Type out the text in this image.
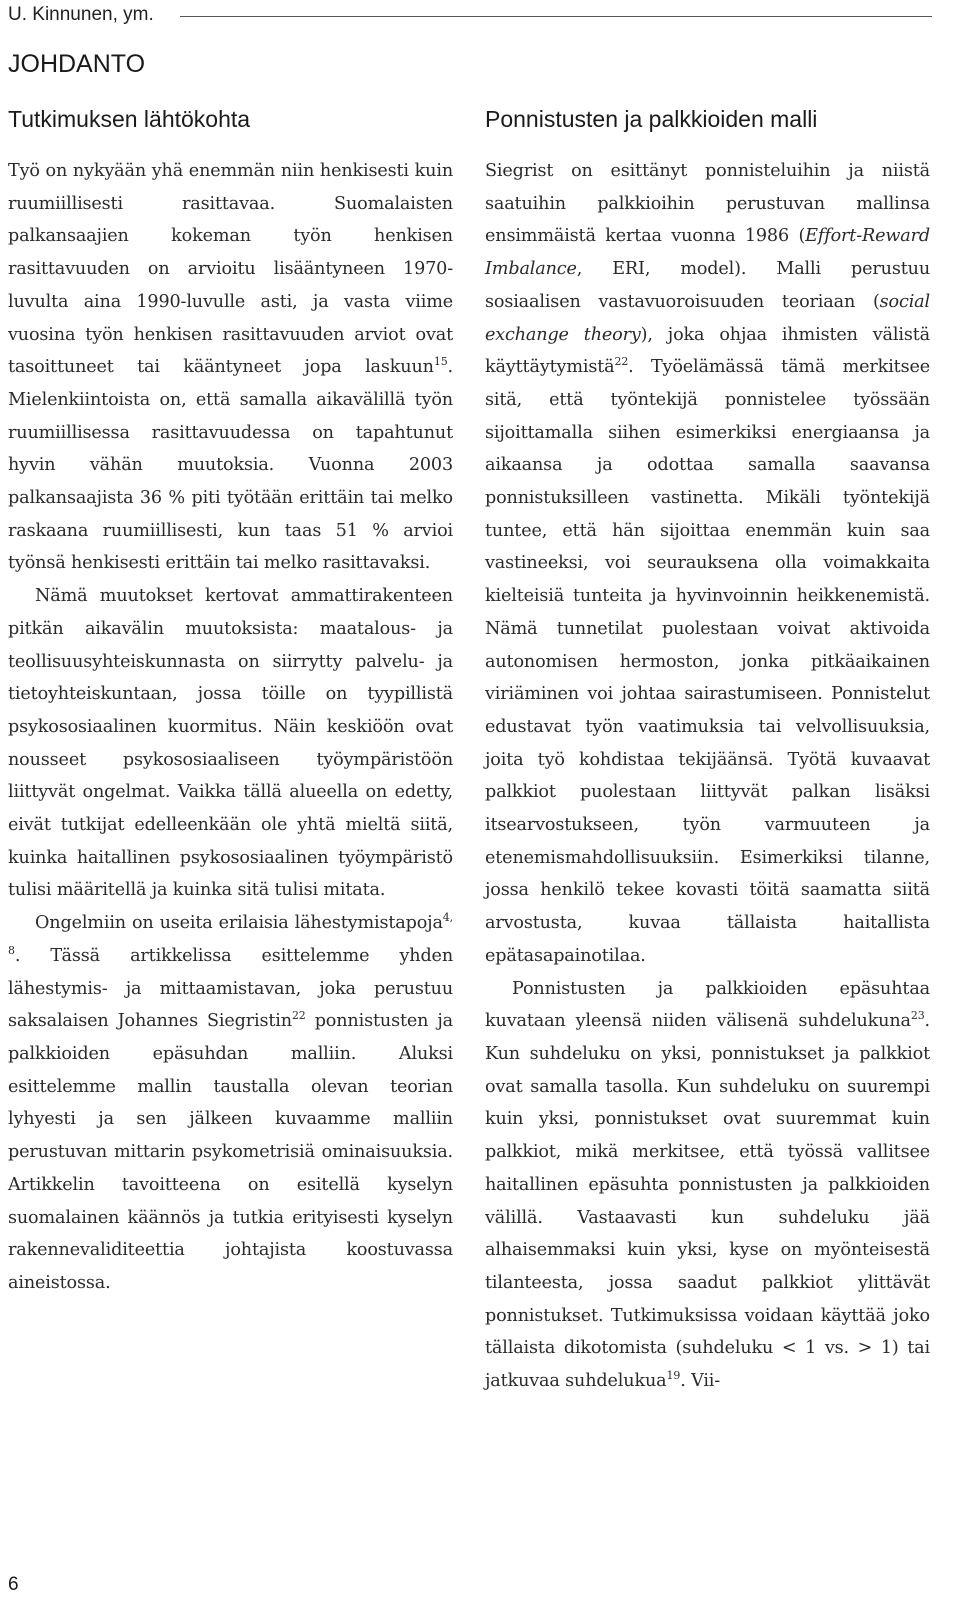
U. Kinnunen, ym.
JOHDANTO
Tutkimuksen lähtökohta

Työ on nykyään yhä enemmän niin henkisesti kuin ruumiillisesti rasittavaa. Suomalaisten palkansaajien kokeman työn henkisen rasittavuuden on arvioitu lisääntyneen 1970-luvulta aina 1990-luvulle asti, ja vasta viime vuosina työn henkisen rasittavuuden arviot ovat tasoittuneet tai kääntyneet jopa laskuun$^{15}$. Mielenkiintoista on, että samalla aikavälillä työn ruumiillisessa rasittavuudessa on tapahtunut hyvin vähän muutoksia. Vuonna 2003 palkansaajista 36 % piti työtään erittäin tai melko raskaana ruumiillisesti, kun taas 51 % arvioi työnsä henkisesti erittäin tai melko rasittavaksi.

Nämä muutokset kertovat ammattirakenteen pitkän aikavälin muutoksista: maatalous- ja teollisuusyhteiskunnasta on siirrytty palvelu- ja tietoyhteiskuntaan, jossa töille on tyypillistä psykososiaalinen kuormitus. Näin keskiöön ovat nousseet psykososiaaliseen työympäristöön liittyvät ongelmat. Vaikka tällä alueella on edetty, eivät tutkijat edelleenkään ole yhtä mieltä siitä, kuinka haitallinen psykososiaalinen työympäristö tulisi määritellä ja kuinka sitä tulisi mitata.

Ongelmiin on useita erilaisia lähestymistapoja$^{4, 8}$. Tässä artikkelissa esittelemme yhden lähestymis- ja mittaamistavan, joka perustuu saksalaisen Johannes Siegristin$^{22}$ ponnistusten ja palkkioiden epäsuhdan malliin. Aluksi esittelemme mallin taustalla olevan teorian lyhyesti ja sen jälkeen kuvaamme malliin perustuvan mittarin psykometrisiä ominaisuuksia. Artikkelin tavoitteena on esitellä kyselyn suomalainen käännös ja tutkia erityisesti kyselyn rakennevaliditeettia johtajista koostuvassa aineistossa.

Ponnistusten ja palkkioiden malli

Siegrist on esittänyt ponnisteluihin ja niistä saatuihin palkkioihin perustuvan mallinsa ensimmäistä kertaa vuonna 1986 (Effort-Reward Imbalance, ERI, model). Malli perustuu sosiaalisen vastavuoroisuuden teoriaan (social exchange theory), joka ohjaa ihmisten välistä käyttäytymistä$^{22}$. Työelämässä tämä merkitsee sitä, että työntekijä ponnistelee työssään sijoittamalla siihen esimerkiksi energiaansa ja aikaansa ja odottaa samalla saavansa ponnistuksilleen vastinetta. Mikäli työntekijä tuntee, että hän sijoittaa enemmän kuin saa vastineeksi, voi seurauksena olla voimakkaita kielteisiä tunteita ja hyvinvoinnin heikkenemistä. Nämä tunnetilat puolestaan voivat aktivoida autonomisen hermoston, jonka pitkäaikainen viriäminen voi johtaa sairastumiseen. Ponnistelut edustavat työn vaatimuksia tai velvollisuuksia, joita työ kohdistaa tekijäänsä. Työtä kuvaavat palkkiot puolestaan liittyvät palkan lisäksi itsearvostukseen, työn varmuuteen ja etenemismahdollisuuksiin. Esimerkiksi tilanne, jossa henkilö tekee kovasti töitä saamatta siitä arvostusta, kuvaa tällaista haitallista epätasapainotilaa.

Ponnistusten ja palkkioiden epäsuhtaa kuvataan yleensä niiden välisenä suhdelukuna$^{23}$. Kun suhdeluku on yksi, ponnistukset ja palkkiot ovat samalla tasolla. Kun suhdeluku on suurempi kuin yksi, ponnistukset ovat suuremmat kuin palkkiot, mikä merkitsee, että työssä vallitsee haitallinen epäsuhta ponnistusten ja palkkioiden välillä. Vastaavasti kun suhdeluku jää alhaisemmaksi kuin yksi, kyse on myönteisestä tilanteesta, jossa saadut palkkiot ylittävät ponnistukset. Tutkimuksissa voidaan käyttää joko tällaista dikotomista (suhdeluku < 1 vs. > 1) tai jatkuvaa suhdelukua$^{19}$. Vii-

6
